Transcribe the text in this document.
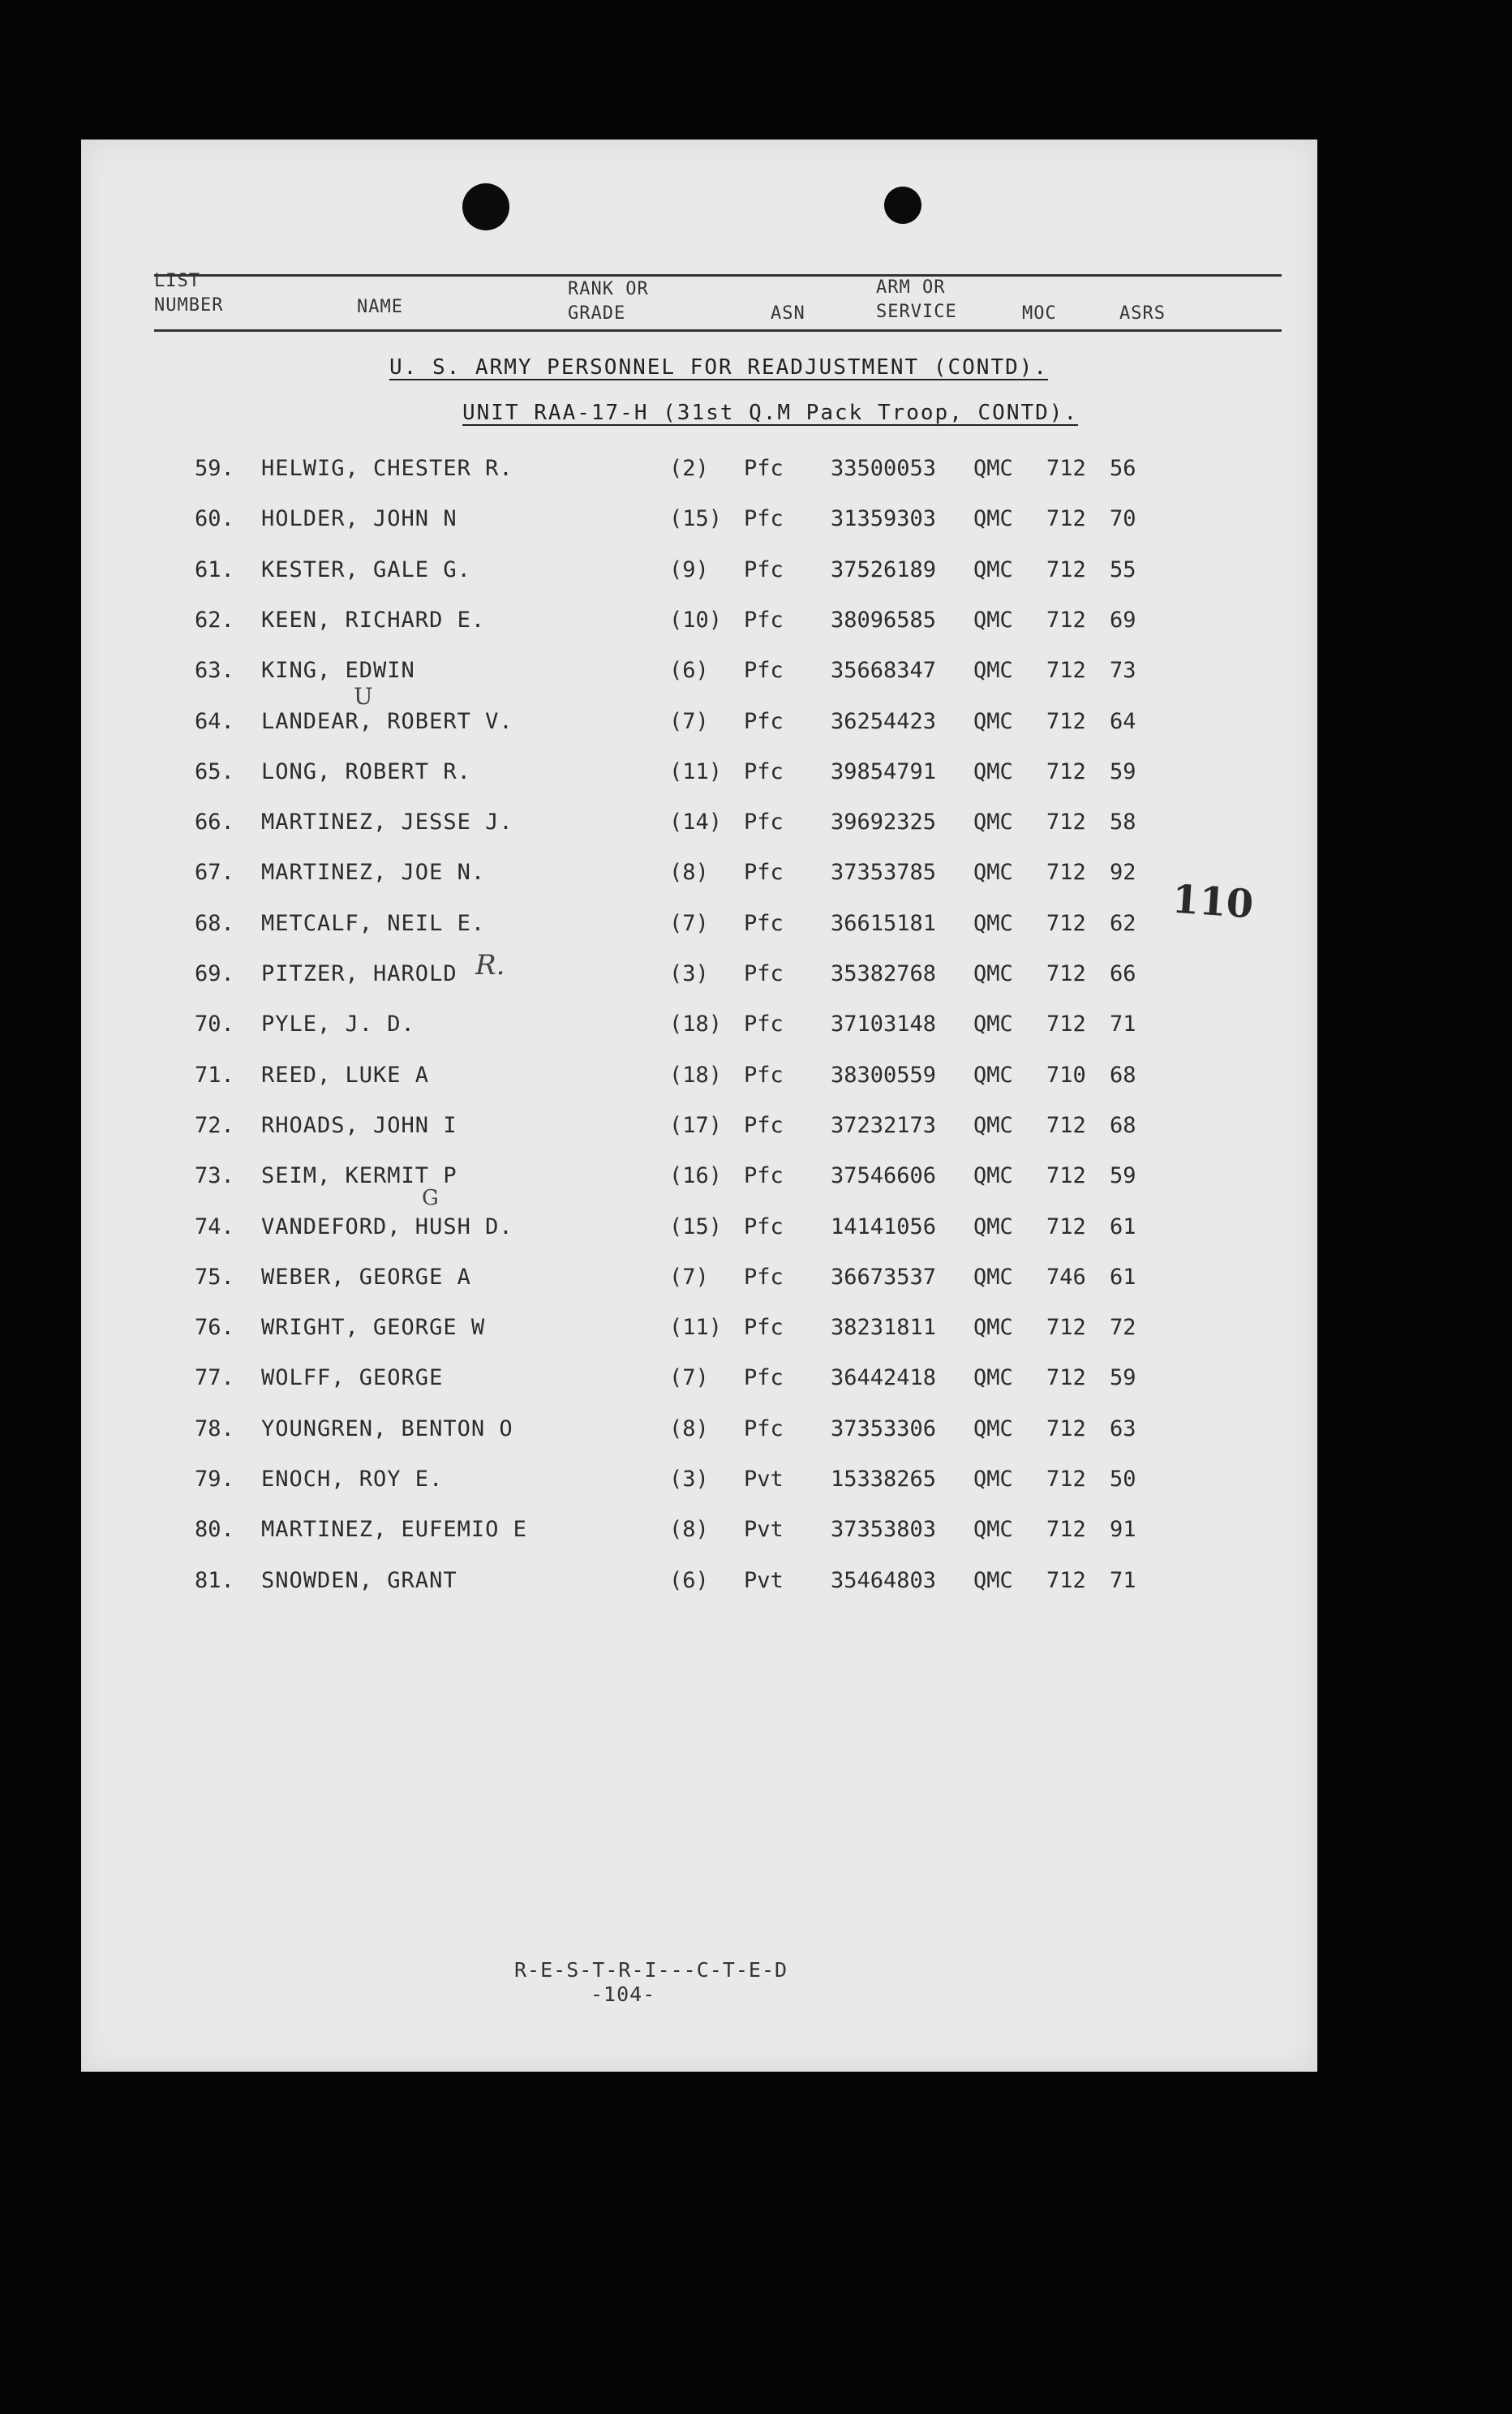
LIST
NUMBER	NAME
RANK OR
GRADE	ASN
ARM OR
SERVICE	MOC	ASRS
U. S. ARMY PERSONNEL FOR READJUSTMENT (CONTD).
UNIT RAA-17-H (31st Q.M Pack Troop, CONTD).
59. HELWIG, CHESTER R.	(2) Pfc 33500053 QMC 712 56
60. HOLDER, JOHN N	(15) Pfc 31359303 QMC 712 70
61. KESTER, GALE G.	(9) Pfc 37526189 QMC 712 55
62. KEEN, RICHARD E.	(10) Pfc 38096585 QMC 712 69
63. KING, EDWIN	(6) Pfc 35668347 QMC 712 73
64. LANDEAR, ROBERT V.	(7) Pfc 36254423 QMC 712 64
65. LONG, ROBERT R.	(11) Pfc 39854791 QMC 712 59
66. MARTINEZ, JESSE J.	(14) Pfc 39692325 QMC 712 58
67. MARTINEZ, JOE N.	(8) Pfc 37353785 QMC 712 92
68. METCALF, NEIL E.	(7) Pfc 36615181 QMC 712 62
69. PITZER, HAROLD	(3) Pfc 35382768 QMC 712 66
70. PYLE, J. D.	(18) Pfc 37103148 QMC 712 71
71. REED, LUKE A	(18) Pfc 38300559 QMC 710 68
72. RHOADS, JOHN I	(17) Pfc 37232173 QMC 712 68
73. SEIM, KERMIT P	(16) Pfc 37546606 QMC 712 59
74. VANDEFORD, HUSH D.	(15) Pfc 14141056 QMC 712 61
75. WEBER, GEORGE A	(7) Pfc 36673537 QMC 746 61
76. WRIGHT, GEORGE W	(11) Pfc 38231811 QMC 712 72
77. WOLFF, GEORGE	(7) Pfc 36442418 QMC 712 59
78. YOUNGREN, BENTON O	(8) Pfc 37353306 QMC 712 63
79. ENOCH, ROY E.	(3) Pvt 15338265 QMC 712 50
80. MARTINEZ, EUFEMIO E	(8) Pvt 37353803 QMC 712 91
81. SNOWDEN, GRANT	(6) Pvt 35464803 QMC 712 71
U
R.
G
R-E-S-T-R-I---C-T-E-D
-104-
110
